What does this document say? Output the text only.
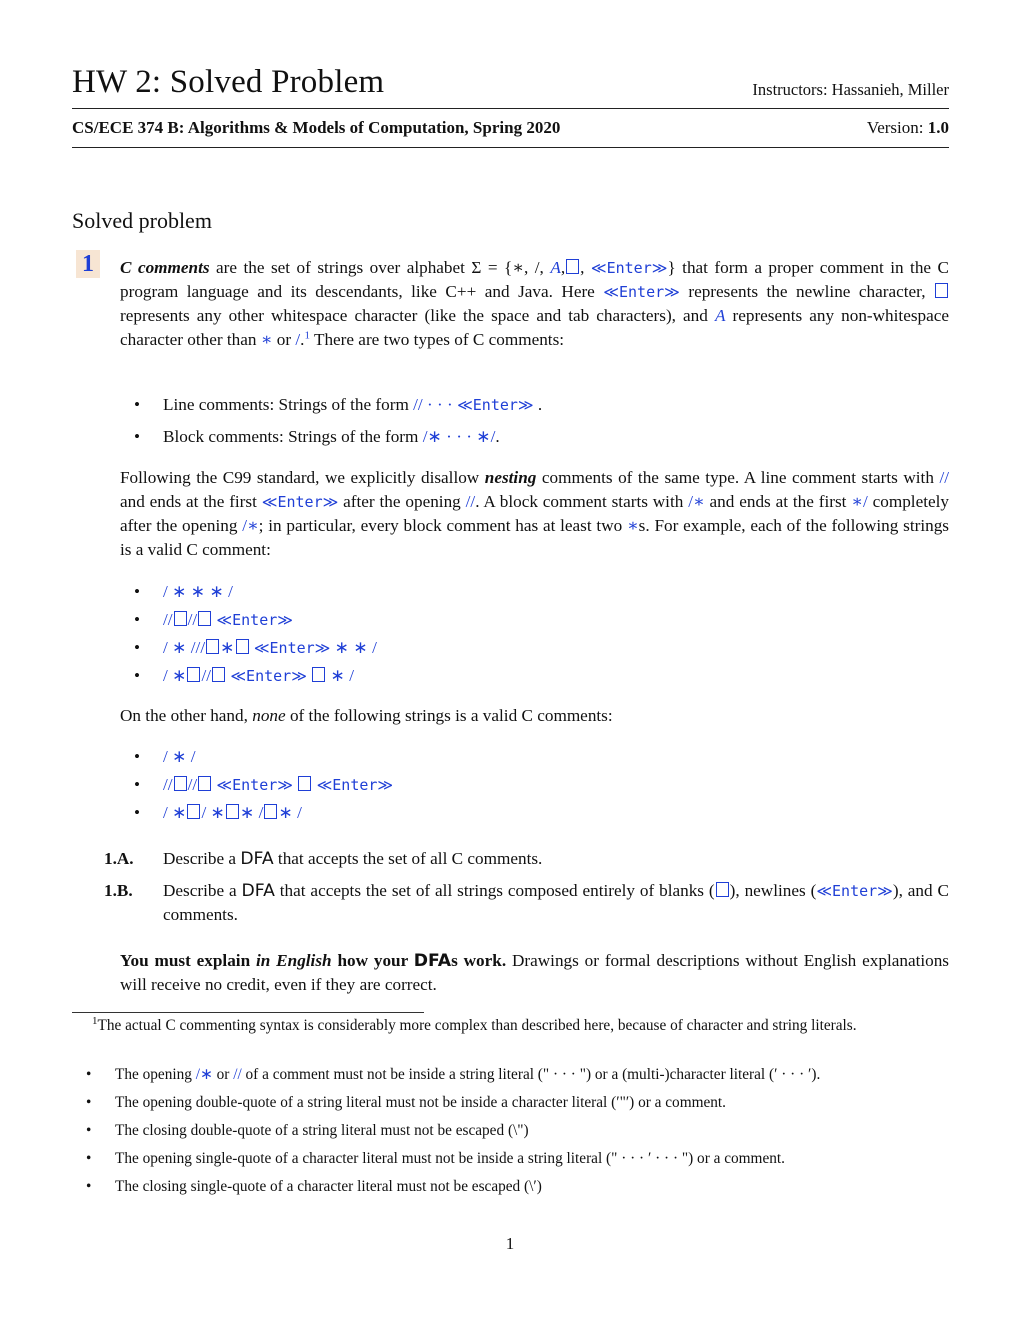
HW 2: Solved Problem	Instructors: Hassanieh, Miller
CS/ECE 374 B: Algorithms & Models of Computation, Spring 2020	Version: 1.0
Solved problem
1	C comments are the set of strings over alphabet Σ = {∗, /, A, , ≪Enter≫} that form a proper comment in the C program language and its descendants, like C++ and Java. Here ≪Enter≫ represents the newline character,  represents any other whitespace character (like the space and tab characters), and A represents any non-whitespace character other than ∗ or /.$^1$ There are two types of C comments:
• Line comments: Strings of the form // · · · ≪Enter≫ .
• Block comments: Strings of the form /∗ · · · ∗/.
Following the C99 standard, we explicitly disallow nesting comments of the same type. A line comment starts with // and ends at the first ≪Enter≫ after the opening //. A block comment starts with /∗ and ends at the first ∗/ completely after the opening /∗; in particular, every block comment has at least two ∗s. For example, each of the following strings is a valid C comment:
• / ∗ ∗ ∗ /
• // // ≪Enter≫
• / ∗ /// ∗ ≪Enter≫ ∗ ∗ /
• / ∗ // ≪Enter≫  ∗ /
On the other hand, none of the following strings is a valid C comments:
• / ∗ /
• // // ≪Enter≫ ≪Enter≫
• / ∗ / ∗ ∗ / ∗ /
1.A. Describe a DFA that accepts the set of all C comments.
1.B.	Describe a DFA that accepts the set of all strings composed entirely of blanks ( ), newlines (≪Enter≫), and C comments.
You must explain in English how your DFAs work. Drawings or formal descriptions without English explanations will receive no credit, even if they are correct.
$^1$The actual C commenting syntax is considerably more complex than described here, because of character and string literals.
• The opening /∗ or // of a comment must not be inside a string literal (" · · · ") or a (multi-)character literal (′ · · · ′).
• The opening double-quote of a string literal must not be inside a character literal (′"′) or a comment.
• The closing double-quote of a string literal must not be escaped (\")
• The opening single-quote of a character literal must not be inside a string literal (" · · · ′ · · · ") or a comment.
• The closing single-quote of a character literal must not be escaped (\′)
1
